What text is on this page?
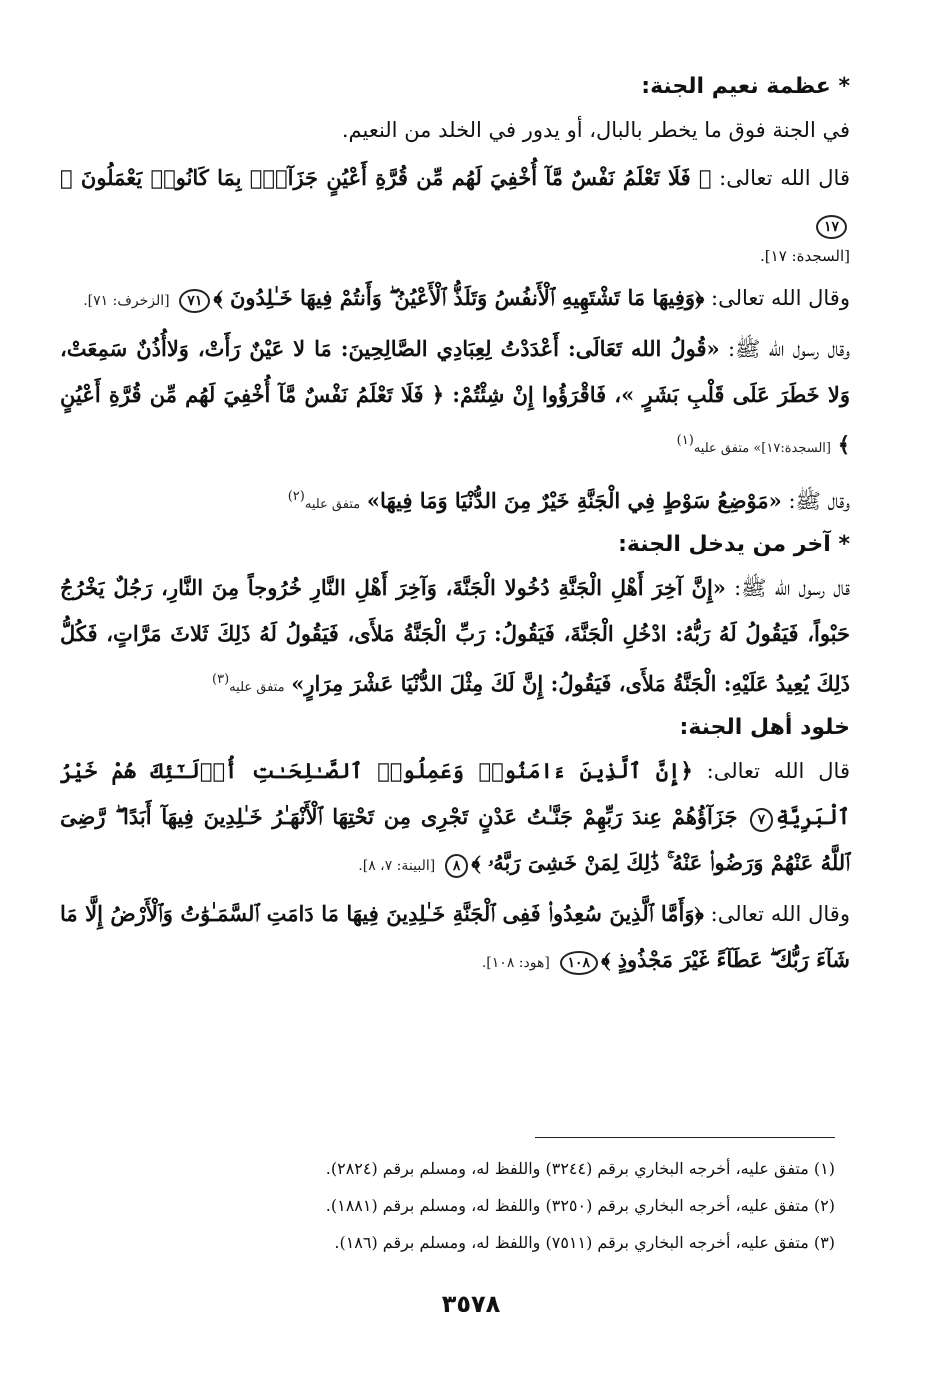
* عظمة نعيم الجنة:

في الجنة فوق ما يخطر بالبال، أو يدور في الخلد من النعيم.

قال الله تعالى: ﴿ فَلَا تَعْلَمُ نَفْسٌ مَّآ أُخْفِيَ لَهُم مِّن قُرَّةِ أَعْيُنٍ جَزَآءَۢ بِمَا كَانُوا۟ يَعْمَلُونَ ﴾١٧

[السجدة: ١٧].

وقال الله تعالى: ﴿وَفِيهَا مَا تَشْتَهِيهِ ٱلْأَنفُسُ وَتَلَذُّ ٱلْأَعْيُنُ ۖ وَأَنتُمْ فِيهَا خَـٰلِدُونَ ﴾٧١ [الزخرف: ٧١].

وقال رسول الله ﷺ: «قُولُ الله تَعَالَى: أَعْدَدْتُ لِعِبَادِي الصَّالِحِينَ: مَا لا عَيْنٌ رَأَتْ، وَلاأُذُنٌ سَمِعَتْ، وَلا خَطَرَ عَلَى قَلْبِ بَشَرٍ »، فَاقْرَؤُوا إِنْ شِئْتُمْ: ﴿ فَلَا تَعْلَمُ نَفْسٌ مَّآ أُخْفِيَ لَهُم مِّن قُرَّةِ أَعْيُنٍ ﴾ [السجدة:١٧]» متفق عليه$^{(١)}$

وقال ﷺ: «مَوْضِعُ سَوْطٍ فِي الْجَنَّةِ خَيْرٌ مِنَ الدُّنْيَا وَمَا فِيهَا» متفق عليه$^{(٢)}$

* آخر من يدخل الجنة:

قال رسول الله ﷺ: «إِنَّ آخِرَ أَهْلِ الْجَنَّةِ دُخُولا الْجَنَّةَ، وَآخِرَ أَهْلِ النَّارِ خُرُوجاً مِنَ النَّارِ، رَجُلٌ يَخْرُجُ حَبْواً، فَيَقُولُ لَهُ رَبُّهُ: ادْخُلِ الْجَنَّةَ، فَيَقُولُ: رَبِّ الْجَنَّةُ مَلأَى، فَيَقُولُ لَهُ ذَلِكَ ثَلاثَ مَرَّاتٍ، فَكُلُّ ذَلِكَ يُعِيدُ عَلَيْهِ: الْجَنَّةُ مَلأَى، فَيَقُولُ: إِنَّ لَكَ مِثْلَ الدُّنْيَا عَشْرَ مِرَارٍ» متفق عليه$^{(٣)}$

خلود أهل الجنة:

قال الله تعالى: ﴿إِنَّ ٱلَّذِينَ ءَامَنُوا۟ وَعَمِلُوا۟ ٱلصَّـٰلِحَـٰتِ أُو۟لَـٰٓئِكَ هُمْ خَيْرُ ٱلْبَرِيَّةِ٧ جَزَآؤُهُمْ عِندَ رَبِّهِمْ جَنَّـٰتُ عَدْنٍ تَجْرِى مِن تَحْتِهَا ٱلْأَنْهَـٰرُ خَـٰلِدِينَ فِيهَآ أَبَدًا ۖ رَّضِىَ ٱللَّهُ عَنْهُمْ وَرَضُوا۟ عَنْهُ ۚ ذَٰلِكَ لِمَنْ خَشِىَ رَبَّهُۥ ﴾٨ [البينة: ٧، ٨].

وقال الله تعالى: ﴿وَأَمَّا ٱلَّذِينَ سُعِدُوا۟ فَفِى ٱلْجَنَّةِ خَـٰلِدِينَ فِيهَا مَا دَامَتِ ٱلسَّمَـٰوَٰتُ وَٱلْأَرْضُ إِلَّا مَا شَآءَ رَبُّكَ ۖ عَطَآءً غَيْرَ مَجْذُوذٍ ﴾١٠٨ [هود: ١٠٨].

(١) متفق عليه، أخرجه البخاري برقم (٣٢٤٤) واللفظ له، ومسلم برقم (٢٨٢٤).
(٢) متفق عليه، أخرجه البخاري برقم (٣٢٥٠) واللفظ له، ومسلم برقم (١٨٨١).
(٣) متفق عليه، أخرجه البخاري برقم (٧٥١١) واللفظ له، ومسلم برقم (١٨٦).
٣٥٧٨
